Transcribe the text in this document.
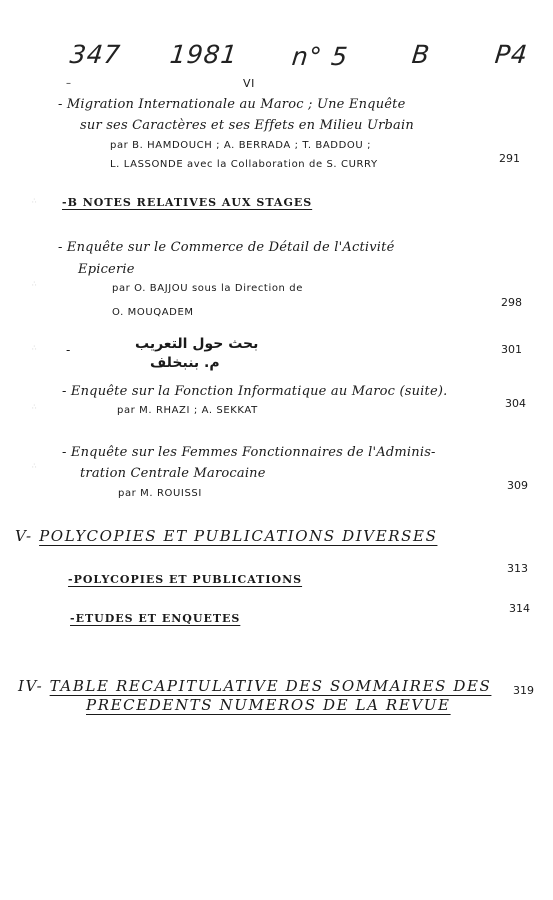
347 1981 n° 5 B P4
VI
–
- Migration Internationale au Maroc ; Une Enquête
sur ses Caractères et ses Effets en Milieu Urbain
par B. HAMDOUCH ; A. BERRADA ; T. BADDOU ;
L. LASSONDE avec la Collaboration de S. CURRY	291
-B NOTES RELATIVES AUX STAGES
- Enquête sur le Commerce de Détail de l'Activité
Epicerie
par O. BAJJOU sous la Direction de
O. MOUQADEM
298
-	بحث حول التعريب
م. بنبخلف
301
- Enquête sur la Fonction Informatique au Maroc (suite).
par M. RHAZI ; A. SEKKAT
304
- Enquête sur les Femmes Fonctionnaires de l'Adminis-
tration Centrale Marocaine
par M. ROUISSI
309
V- POLYCOPIES ET PUBLICATIONS DIVERSES
-POLYCOPIES ET PUBLICATIONS
313
-ETUDES ET ENQUETES
314
IV- TABLE RECAPITULATIVE DES SOMMAIRES DES
PRECEDENTS NUMEROS DE LA REVUE
319
∴
∴
∴
∴
∴
